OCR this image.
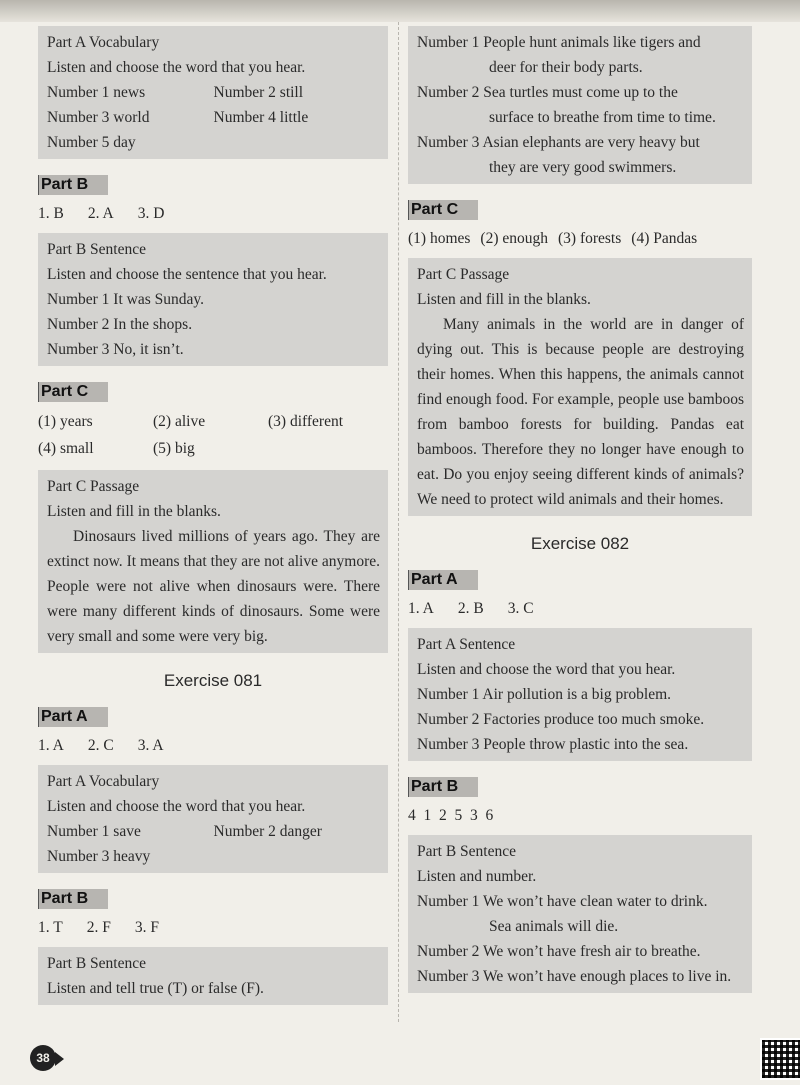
Part A Vocabulary
Listen and choose the word that you hear.
Number 1 news	Number 2 still
Number 3 world	Number 4 little
Number 5 day
Part B
1. B 2. A 3. D
Part B Sentence
Listen and choose the sentence that you hear.
Number 1 It was Sunday.
Number 2 In the shops.
Number 3 No, it isn’t.
Part C
(1) years	(2) alive	(3) different
(4) small	(5) big
Part C Passage
Listen and fill in the blanks.
Dinosaurs lived millions of years ago. They are extinct now. It means that they are not alive anymore. People were not alive when dinosaurs were. There were many different kinds of dinosaurs. Some were very small and some were very big.
Exercise 081
Part A
1. A 2. C 3. A
Part A Vocabulary
Listen and choose the word that you hear.
Number 1 save	Number 2 danger
Number 3 heavy
Part B
1. T 2. F 3. F
Part B Sentence
Listen and tell true (T) or false (F).
Number 1 People hunt animals like tigers and
deer for their body parts.
Number 2 Sea turtles must come up to the
surface to breathe from time to time.
Number 3 Asian elephants are very heavy but
they are very good swimmers.
Part C
(1) homes (2) enough (3) forests (4) Pandas
Part C Passage
Listen and fill in the blanks.
Many animals in the world are in danger of dying out. This is because people are destroying their homes. When this happens, the animals cannot find enough food. For example, people use bamboos from bamboo forests for building. Pandas eat bamboos. Therefore they no longer have enough to eat. Do you enjoy seeing different kinds of animals? We need to protect wild animals and their homes.
Exercise 082
Part A
1. A 2. B 3. C
Part A Sentence
Listen and choose the word that you hear.
Number 1 Air pollution is a big problem.
Number 2 Factories produce too much smoke.
Number 3 People throw plastic into the sea.
Part B
4  1  2  5  3  6
Part B Sentence
Listen and number.
Number 1 We won’t have clean water to drink.
Sea animals will die.
Number 2 We won’t have fresh air to breathe.
Number 3 We won’t have enough places to live in.
38
